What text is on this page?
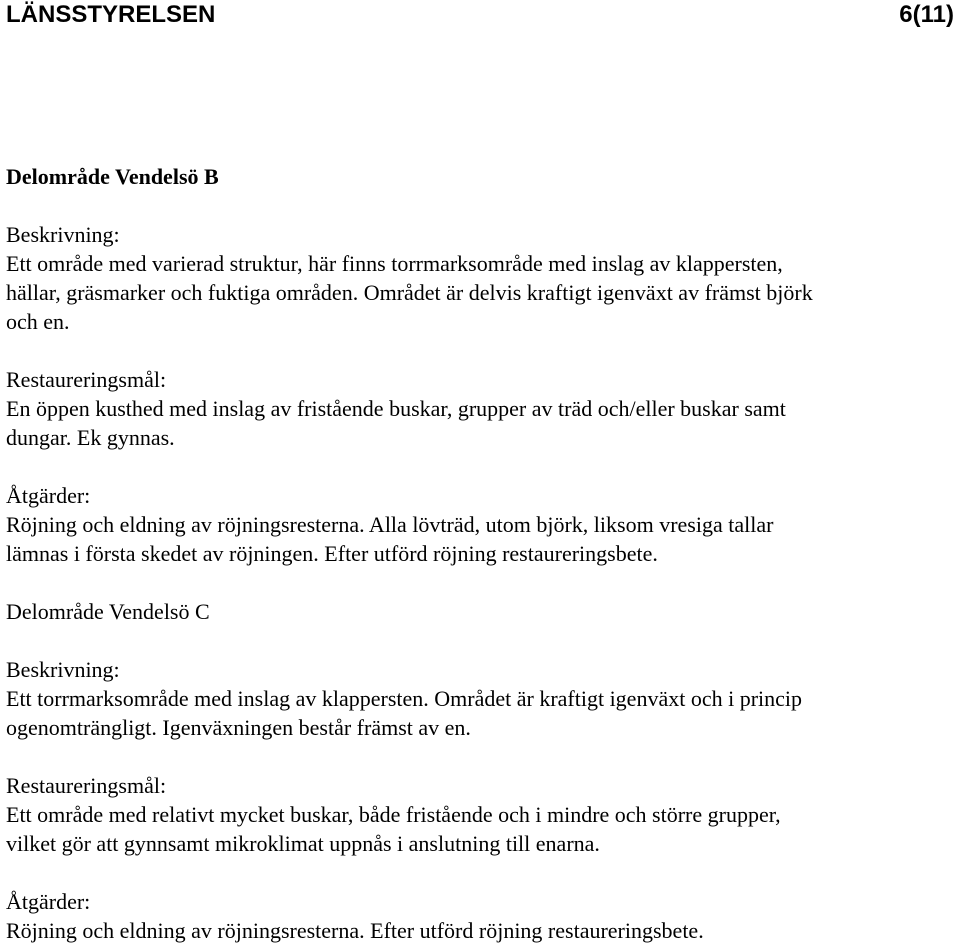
LÄNSSTYRELSEN	6(11)
Delområde Vendelsö B
Beskrivning:
Ett område med varierad struktur, här finns torrmarksområde med inslag av klappersten,
hällar, gräsmarker och fuktiga områden. Området är delvis kraftigt igenväxt av främst björk
och en.
Restaureringsmål:
En öppen kusthed med inslag av fristående buskar, grupper av träd och/eller buskar samt
dungar. Ek gynnas.
Åtgärder:
Röjning och eldning av röjningsresterna. Alla lövträd, utom björk, liksom vresiga tallar
lämnas i första skedet av röjningen. Efter utförd röjning restaureringsbete.
Delområde Vendelsö C
Beskrivning:
Ett torrmarksområde med inslag av klappersten. Området är kraftigt igenväxt och i princip
ogenomträngligt. Igenväxningen består främst av en.
Restaureringsmål:
Ett område med relativt mycket buskar, både fristående och i mindre och större grupper,
vilket gör att gynnsamt mikroklimat uppnås i anslutning till enarna.
Åtgärder:
Röjning och eldning av röjningsresterna. Efter utförd röjning restaureringsbete.
